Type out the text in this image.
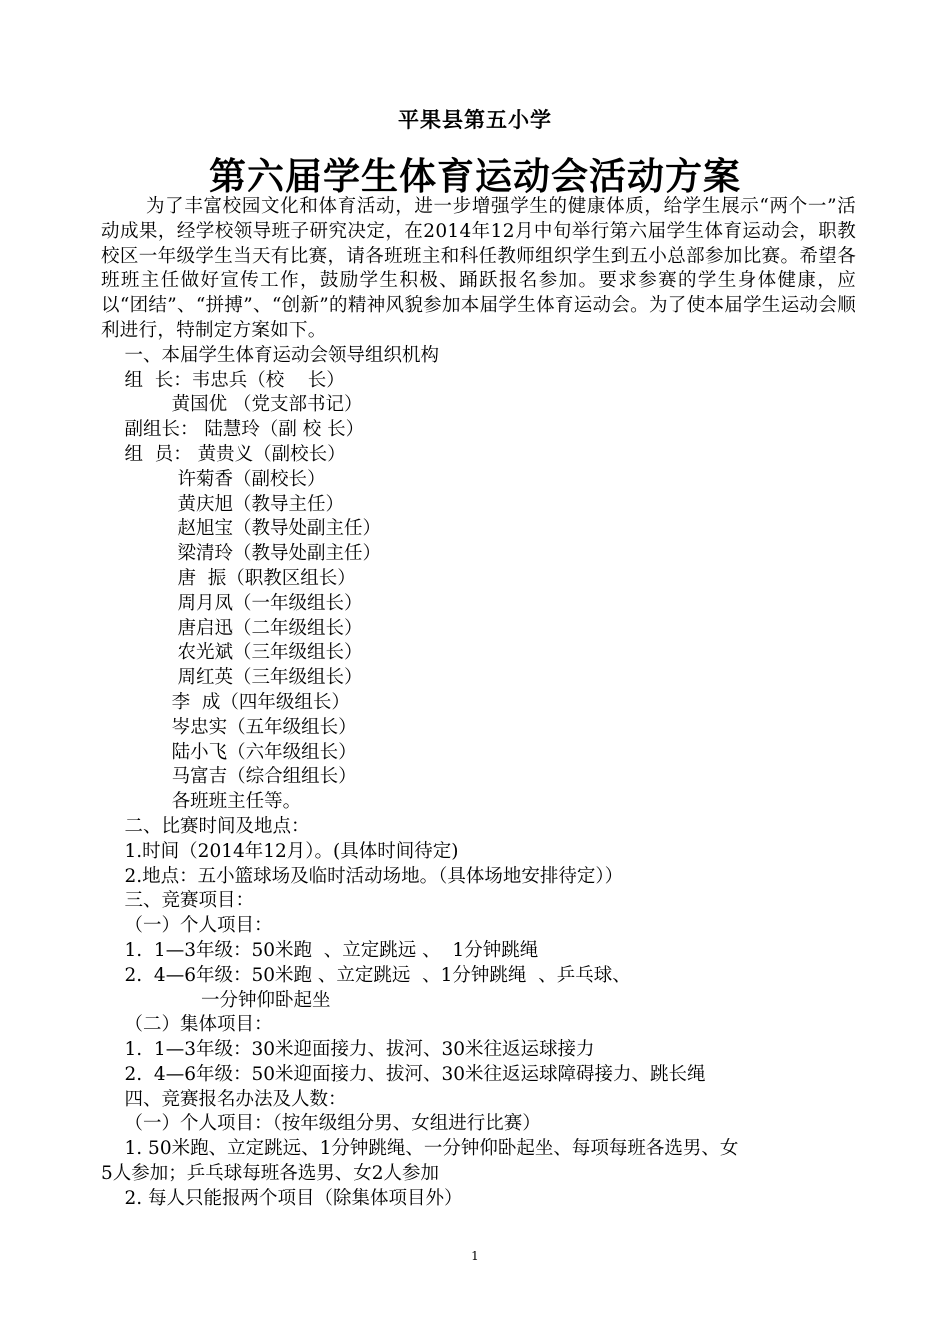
平果县第五小学
第六届学生体育运动会活动方案

为了丰富校园文化和体育活动，进一步增强学生的健康体质，给学生展示“两个一”活动成果，经学校领导班子研究决定，在2014年12月中旬举行第六届学生体育运动会，职教校区一年级学生当天有比赛，请各班班主和科任教师组织学生到五小总部参加比赛。希望各班班主任做好宣传工作，鼓励学生积极、踊跃报名参加。要求参赛的学生身体健康，应以“团结”、“拼搏”、“创新”的精神风貌参加本届学生体育运动会。为了使本届学生运动会顺利进行，特制定方案如下。

一、本届学生体育运动会领导组织机构
组  长：韦忠兵（校    长）
黄国优 （党支部书记）
副组长： 陆慧玲（副 校 长）
组  员： 黄贵义（副校长）
许菊香（副校长）
黄庆旭（教导主任）
赵旭宝（教导处副主任）
梁清玲（教导处副主任）
唐  振（职教区组长）
周月凤（一年级组长）
唐启迅（二年级组长）
农光斌（三年级组长）
周红英（三年级组长）
李  成（四年级组长）
岑忠实（五年级组长）
陆小飞（六年级组长）
马富吉（综合组组长）
各班班主任等。
二、比赛时间及地点：
1.时间（2014年12月）。(具体时间待定)
2.地点：五小篮球场及临时活动场地。（具体场地安排待定））
三、竞赛项目：
（一）个人项目：
1.  1—3年级：50米跑  、立定跳远 、  1分钟跳绳
2.  4—6年级：50米跑 、立定跳远  、1分钟跳绳  、乒乓球、
一分钟仰卧起坐
（二）集体项目：
1.  1—3年级：30米迎面接力、拔河、30米往返运球接力
2.  4—6年级：50米迎面接力、拔河、30米往返运球障碍接力、跳长绳
四、竞赛报名办法及人数：
（一）个人项目：（按年级组分男、女组进行比赛）
1. 50米跑、立定跳远、1分钟跳绳、一分钟仰卧起坐、每项每班各选男、女
5人参加；乒乓球每班各选男、女2人参加
2. 每人只能报两个项目（除集体项目外）
1
